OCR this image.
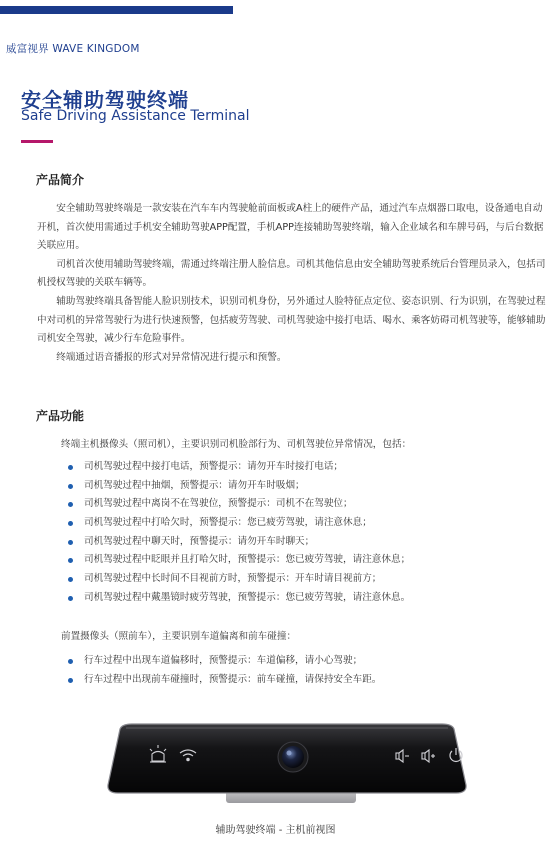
威富视界 WAVE KINGDOM
安全辅助驾驶终端
Safe Driving Assistance Terminal
产品简介

安全辅助驾驶终端是一款安装在汽车车内驾驶舱前面板或A柱上的硬件产品，通过汽车点烟器口取电，设备通电自动开机，首次使用需通过手机安全辅助驾驶APP配置，手机APP连接辅助驾驶终端，输入企业域名和车牌号码，与后台数据关联应用。

司机首次使用辅助驾驶终端，需通过终端注册人脸信息。司机其他信息由安全辅助驾驶系统后台管理员录入，包括司机授权驾驶的关联车辆等。

辅助驾驶终端具备智能人脸识别技术，识别司机身份，另外通过人脸特征点定位、姿态识别、行为识别，在驾驶过程中对司机的异常驾驶行为进行快速预警，包括疲劳驾驶、司机驾驶途中接打电话、喝水、乘客妨碍司机驾驶等，能够辅助司机安全驾驶，减少行车危险事件。

终端通过语音播报的形式对异常情况进行提示和预警。

产品功能
终端主机摄像头（照司机），主要识别司机脸部行为、司机驾驶位异常情况，包括：
司机驾驶过程中接打电话，预警提示：请勿开车时接打电话；
司机驾驶过程中抽烟，预警提示：请勿开车时吸烟；
司机驾驶过程中离岗不在驾驶位，预警提示：司机不在驾驶位；
司机驾驶过程中打哈欠时，预警提示：您已疲劳驾驶，请注意休息；
司机驾驶过程中聊天时，预警提示：请勿开车时聊天；
司机驾驶过程中眨眼并且打哈欠时，预警提示：您已疲劳驾驶，请注意休息；
司机驾驶过程中长时间不目视前方时，预警提示：开车时请目视前方；
司机驾驶过程中戴墨镜时疲劳驾驶，预警提示：您已疲劳驾驶，请注意休息。
前置摄像头（照前车），主要识别车道偏离和前车碰撞：
行车过程中出现车道偏移时，预警提示：车道偏移，请小心驾驶；
行车过程中出现前车碰撞时，预警提示：前车碰撞，请保持安全车距。
辅助驾驶终端 - 主机前视图
